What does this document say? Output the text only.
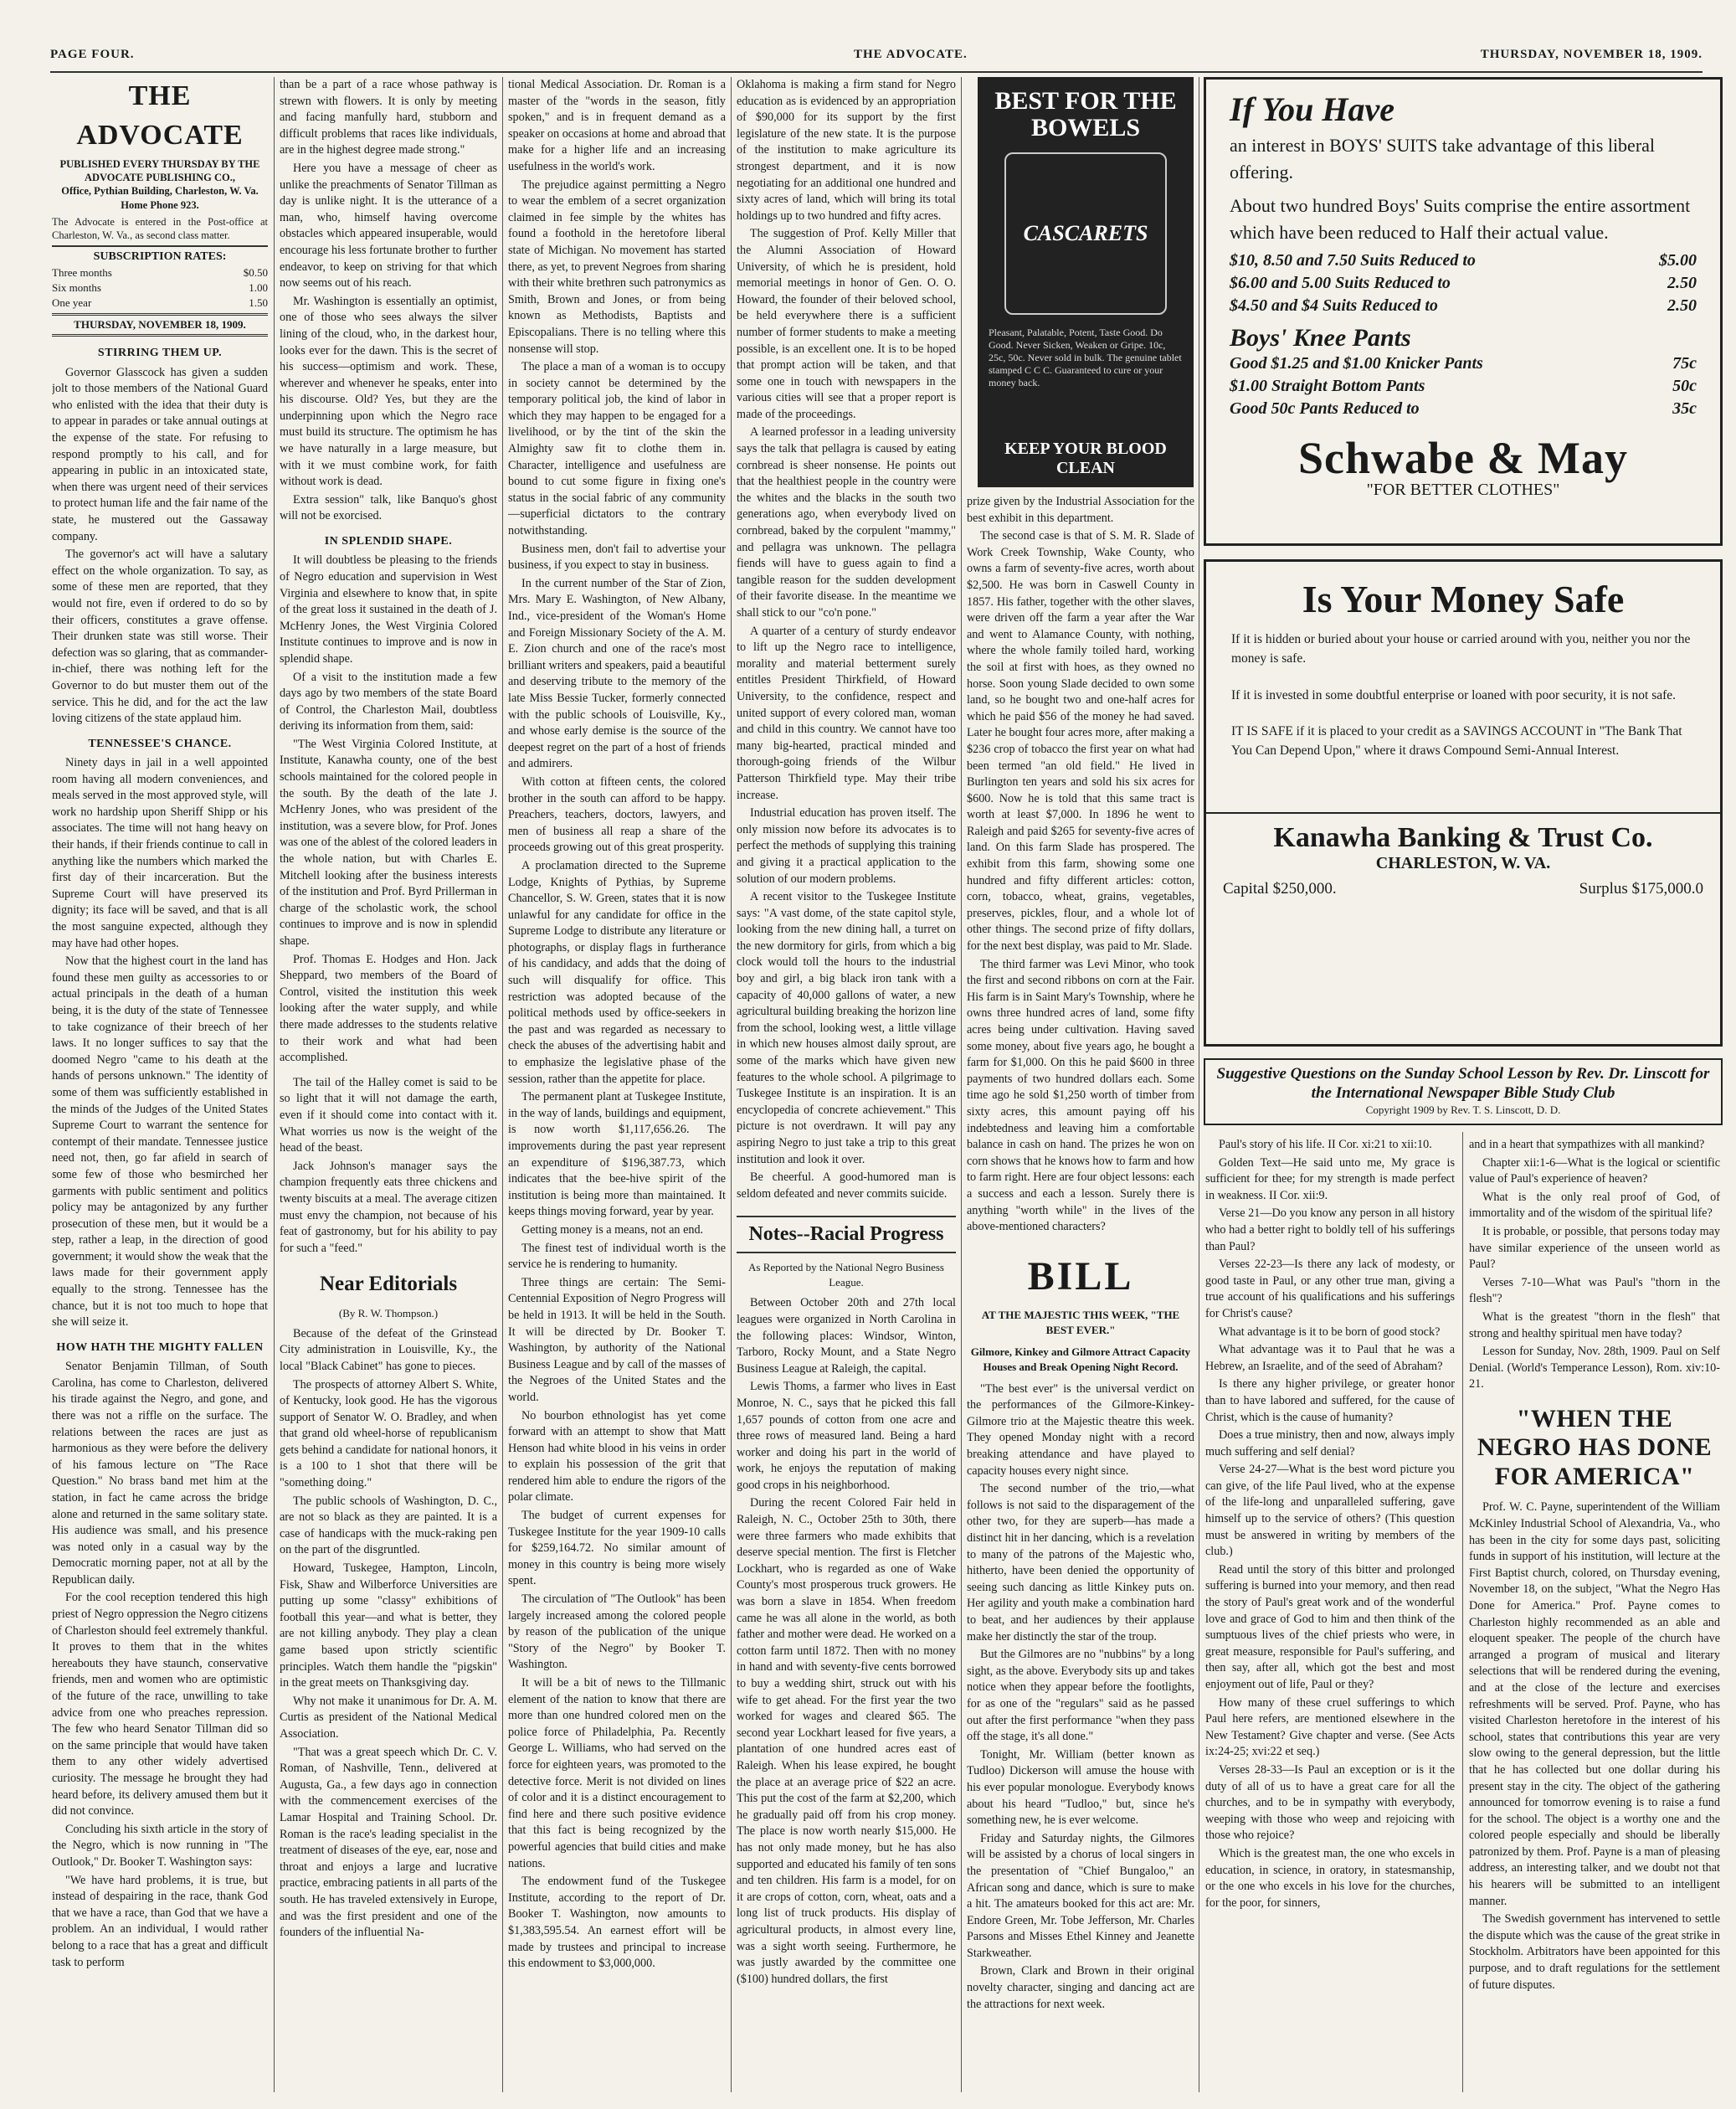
PAGE FOUR.	THE ADVOCATE.	THURSDAY, NOVEMBER 18, 1909.
THE ADVOCATE
PUBLISHED EVERY THURSDAY BY THE ADVOCATE PUBLISHING CO.,
Office, Pythian Building, Charleston, W. Va.
Home Phone 923.
The Advocate is entered in the Post-office at Charleston, W. Va., as second class matter.
SUBSCRIPTION RATES:
Three months	$0.50
Six months	1.00
One year	1.50
THURSDAY, NOVEMBER 18, 1909.
STIRRING THEM UP.

Governor Glasscock has given a sudden jolt to those members of the National Guard who enlisted with the idea that their duty is to appear in parades or take annual outings at the expense of the state. For refusing to respond promptly to his call, and for appearing in public in an intoxicated state, when there was urgent need of their services to protect human life and the fair name of the state, he mustered out the Gassaway company.

The governor's act will have a salutary effect on the whole organization. To say, as some of these men are reported, that they would not fire, even if ordered to do so by their officers, constitutes a grave offense. Their drunken state was still worse. Their defection was so glaring, that as commander-in-chief, there was nothing left for the Governor to do but muster them out of the service. This he did, and for the act the law loving citizens of the state applaud him.

TENNESSEE'S CHANCE.

Ninety days in jail in a well appointed room having all modern conveniences, and meals served in the most approved style, will work no hardship upon Sheriff Shipp or his associates. The time will not hang heavy on their hands, if their friends continue to call in anything like the numbers which marked the first day of their incarceration. But the Supreme Court will have preserved its dignity; its face will be saved, and that is all the most sanguine expected, although they may have had other hopes.

Now that the highest court in the land has found these men guilty as accessories to or actual principals in the death of a human being, it is the duty of the state of Tennessee to take cognizance of their breech of her laws. It no longer suffices to say that the doomed Negro "came to his death at the hands of persons unknown." The identity of some of them was sufficiently established in the minds of the Judges of the United States Supreme Court to warrant the sentence for contempt of their mandate. Tennessee justice need not, then, go far afield in search of some few of those who besmirched her garments with public sentiment and politics policy may be antagonized by any further prosecution of these men, but it would be a step, rather a leap, in the direction of good government; it would show the weak that the laws made for their government apply equally to the strong. Tennessee has the chance, but it is not too much to hope that she will seize it.

HOW HATH THE MIGHTY FALLEN

Senator Benjamin Tillman, of South Carolina, has come to Charleston, delivered his tirade against the Negro, and gone, and there was not a riffle on the surface. The relations between the races are just as harmonious as they were before the delivery of his famous lecture on "The Race Question." No brass band met him at the station, in fact he came across the bridge alone and returned in the same solitary state. His audience was small, and his presence was noted only in a casual way by the Democratic morning paper, not at all by the Republican daily.

For the cool reception tendered this high priest of Negro oppression the Negro citizens of Charleston should feel extremely thankful. It proves to them that in the whites hereabouts they have staunch, conservative friends, men and women who are optimistic of the future of the race, unwilling to take advice from one who preaches repression. The few who heard Senator Tillman did so on the same principle that would have taken them to any other widely advertised curiosity. The message he brought they had heard before, its delivery amused them but it did not convince.

Concluding his sixth article in the story of the Negro, which is now running in "The Outlook," Dr. Booker T. Washington says:

"We have hard problems, it is true, but instead of despairing in the race, thank God that we have a race, than God that we have a problem. An an individual, I would rather belong to a race that has a great and difficult task to perform

than be a part of a race whose pathway is strewn with flowers. It is only by meeting and facing manfully hard, stubborn and difficult problems that races like individuals, are in the highest degree made strong."

Here you have a message of cheer as unlike the preachments of Senator Tillman as day is unlike night. It is the utterance of a man, who, himself having overcome obstacles which appeared insuperable, would encourage his less fortunate brother to further endeavor, to keep on striving for that which now seems out of his reach.

Mr. Washington is essentially an optimist, one of those who sees always the silver lining of the cloud, who, in the darkest hour, looks ever for the dawn. This is the secret of his success—optimism and work. These, wherever and whenever he speaks, enter into his discourse. Old? Yes, but they are the underpinning upon which the Negro race must build its structure. The optimism he has we have naturally in a large measure, but with it we must combine work, for faith without work is dead.

Extra session" talk, like Banquo's ghost will not be exorcised.

IN SPLENDID SHAPE.

It will doubtless be pleasing to the friends of Negro education and supervision in West Virginia and elsewhere to know that, in spite of the great loss it sustained in the death of J. McHenry Jones, the West Virginia Colored Institute continues to improve and is now in splendid shape.

Of a visit to the institution made a few days ago by two members of the state Board of Control, the Charleston Mail, doubtless deriving its information from them, said:

"The West Virginia Colored Institute, at Institute, Kanawha county, one of the best schools maintained for the colored people in the south. By the death of the late J. McHenry Jones, who was president of the institution, was a severe blow, for Prof. Jones was one of the ablest of the colored leaders in the whole nation, but with Charles E. Mitchell looking after the business interests of the institution and Prof. Byrd Prillerman in charge of the scholastic work, the school continues to improve and is now in splendid shape.

Prof. Thomas E. Hodges and Hon. Jack Sheppard, two members of the Board of Control, visited the institution this week looking after the water supply, and while there made addresses to the students relative to their work and what had been accomplished.

The tail of the Halley comet is said to be so light that it will not damage the earth, even if it should come into contact with it. What worries us now is the weight of the head of the beast.

Jack Johnson's manager says the champion frequently eats three chickens and twenty biscuits at a meal. The average citizen must envy the champion, not because of his feat of gastronomy, but for his ability to pay for such a "feed."

Near Editorials
(By R. W. Thompson.)

Because of the defeat of the Grinstead City administration in Louisville, Ky., the local "Black Cabinet" has gone to pieces.

The prospects of attorney Albert S. White, of Kentucky, look good. He has the vigorous support of Senator W. O. Bradley, and when that grand old wheel-horse of republicanism gets behind a candidate for national honors, it is a 100 to 1 shot that there will be "something doing."

The public schools of Washington, D. C., are not so black as they are painted. It is a case of handicaps with the muck-raking pen on the part of the disgruntled.

Howard, Tuskegee, Hampton, Lincoln, Fisk, Shaw and Wilberforce Universities are putting up some "classy" exhibitions of football this year—and what is better, they are not killing anybody. They play a clean game based upon strictly scientific principles. Watch them handle the "pigskin" in the great meets on Thanksgiving day.

Why not make it unanimous for Dr. A. M. Curtis as president of the National Medical Association.

"That was a great speech which Dr. C. V. Roman, of Nashville, Tenn., delivered at Augusta, Ga., a few days ago in connection with the commencement exercises of the Lamar Hospital and Training School. Dr. Roman is the race's leading specialist in the treatment of diseases of the eye, ear, nose and throat and enjoys a large and lucrative practice, embracing patients in all parts of the south. He has traveled extensively in Europe, and was the first president and one of the founders of the influential Na-

tional Medical Association. Dr. Roman is a master of the "words in the season, fitly spoken," and is in frequent demand as a speaker on occasions at home and abroad that make for a higher life and an increasing usefulness in the world's work.

The prejudice against permitting a Negro to wear the emblem of a secret organization claimed in fee simple by the whites has found a foothold in the heretofore liberal state of Michigan. No movement has started there, as yet, to prevent Negroes from sharing with their white brethren such patronymics as Smith, Brown and Jones, or from being known as Methodists, Baptists and Episcopalians. There is no telling where this nonsense will stop.

The place a man of a woman is to occupy in society cannot be determined by the temporary political job, the kind of labor in which they may happen to be engaged for a livelihood, or by the tint of the skin the Almighty saw fit to clothe them in. Character, intelligence and usefulness are bound to cut some figure in fixing one's status in the social fabric of any community—superficial dictators to the contrary notwithstanding.

Business men, don't fail to advertise your business, if you expect to stay in business.

In the current number of the Star of Zion, Mrs. Mary E. Washington, of New Albany, Ind., vice-president of the Woman's Home and Foreign Missionary Society of the A. M. E. Zion church and one of the race's most brilliant writers and speakers, paid a beautiful and deserving tribute to the memory of the late Miss Bessie Tucker, formerly connected with the public schools of Louisville, Ky., and whose early demise is the source of the deepest regret on the part of a host of friends and admirers.

With cotton at fifteen cents, the colored brother in the south can afford to be happy. Preachers, teachers, doctors, lawyers, and men of business all reap a share of the proceeds growing out of this great prosperity.

A proclamation directed to the Supreme Lodge, Knights of Pythias, by Supreme Chancellor, S. W. Green, states that it is now unlawful for any candidate for office in the Supreme Lodge to distribute any literature or photographs, or display flags in furtherance of his candidacy, and adds that the doing of such will disqualify for office. This restriction was adopted because of the political methods used by office-seekers in the past and was regarded as necessary to check the abuses of the advertising habit and to emphasize the legislative phase of the session, rather than the appetite for place.

The permanent plant at Tuskegee Institute, in the way of lands, buildings and equipment, is now worth $1,117,656.26. The improvements during the past year represent an expenditure of $196,387.73, which indicates that the bee-hive spirit of the institution is being more than maintained. It keeps things moving forward, year by year.

Getting money is a means, not an end.

The finest test of individual worth is the service he is rendering to humanity.

Three things are certain: The Semi-Centennial Exposition of Negro Progress will be held in 1913. It will be held in the South. It will be directed by Dr. Booker T. Washington, by authority of the National Business League and by call of the masses of the Negroes of the United States and the world.

No bourbon ethnologist has yet come forward with an attempt to show that Matt Henson had white blood in his veins in order to explain his possession of the grit that rendered him able to endure the rigors of the polar climate.

The budget of current expenses for Tuskegee Institute for the year 1909-10 calls for $259,164.72. No similar amount of money in this country is being more wisely spent.

The circulation of "The Outlook" has been largely increased among the colored people by reason of the publication of the unique "Story of the Negro" by Booker T. Washington.

It will be a bit of news to the Tillmanic element of the nation to know that there are more than one hundred colored men on the police force of Philadelphia, Pa. Recently George L. Williams, who had served on the force for eighteen years, was promoted to the detective force. Merit is not divided on lines of color and it is a distinct encouragement to find here and there such positive evidence that this fact is being recognized by the powerful agencies that build cities and make nations.

The endowment fund of the Tuskegee Institute, according to the report of Dr. Booker T. Washington, now amounts to $1,383,595.54. An earnest effort will be made by trustees and principal to increase this endowment to $3,000,000.

Oklahoma is making a firm stand for Negro education as is evidenced by an appropriation of $90,000 for its support by the first legislature of the new state. It is the purpose of the institution to make agriculture its strongest department, and it is now negotiating for an additional one hundred and sixty acres of land, which will bring its total holdings up to two hundred and fifty acres.

The suggestion of Prof. Kelly Miller that the Alumni Association of Howard University, of which he is president, hold memorial meetings in honor of Gen. O. O. Howard, the founder of their beloved school, be held everywhere there is a sufficient number of former students to make a meeting possible, is an excellent one. It is to be hoped that prompt action will be taken, and that some one in touch with newspapers in the various cities will see that a proper report is made of the proceedings.

A learned professor in a leading university says the talk that pellagra is caused by eating cornbread is sheer nonsense. He points out that the healthiest people in the country were the whites and the blacks in the south two generations ago, when everybody lived on cornbread, baked by the corpulent "mammy," and pellagra was unknown. The pellagra fiends will have to guess again to find a tangible reason for the sudden development of their favorite disease. In the meantime we shall stick to our "co'n pone."

A quarter of a century of sturdy endeavor to lift up the Negro race to intelligence, morality and material betterment surely entitles President Thirkfield, of Howard University, to the confidence, respect and united support of every colored man, woman and child in this country. We cannot have too many big-hearted, practical minded and thorough-going friends of the Wilbur Patterson Thirkfield type. May their tribe increase.

Industrial education has proven itself. The only mission now before its advocates is to perfect the methods of supplying this training and giving it a practical application to the solution of our modern problems.

A recent visitor to the Tuskegee Institute says: "A vast dome, of the state capitol style, looking from the new dining hall, a turret on the new dormitory for girls, from which a big clock would toll the hours to the industrial boy and girl, a big black iron tank with a capacity of 40,000 gallons of water, a new agricultural building breaking the horizon line from the school, looking west, a little village in which new houses almost daily sprout, are some of the marks which have given new features to the whole school. A pilgrimage to Tuskegee Institute is an inspiration. It is an encyclopedia of concrete achievement." This picture is not overdrawn. It will pay any aspiring Negro to just take a trip to this great institution and look it over.

Be cheerful. A good-humored man is seldom defeated and never commits suicide.

Notes--Racial Progress
As Reported by the National Negro Business League.

Between October 20th and 27th local leagues were organized in North Carolina in the following places: Windsor, Winton, Tarboro, Rocky Mount, and a State Negro Business League at Raleigh, the capital.

Lewis Thoms, a farmer who lives in East Monroe, N. C., says that he picked this fall 1,657 pounds of cotton from one acre and three rows of measured land. Being a hard worker and doing his part in the world of work, he enjoys the reputation of making good crops in his neighborhood.

During the recent Colored Fair held in Raleigh, N. C., October 25th to 30th, there were three farmers who made exhibits that deserve special mention. The first is Fletcher Lockhart, who is regarded as one of Wake County's most prosperous truck growers. He was born a slave in 1854. When freedom came he was all alone in the world, as both father and mother were dead. He worked on a cotton farm until 1872. Then with no money in hand and with seventy-five cents borrowed to buy a wedding shirt, struck out with his wife to get ahead. For the first year the two worked for wages and cleared $65. The second year Lockhart leased for five years, a plantation of one hundred acres east of Raleigh. When his lease expired, he bought the place at an average price of $22 an acre. This put the cost of the farm at $2,200, which he gradually paid off from his crop money. The place is now worth nearly $15,000. He has not only made money, but he has also supported and educated his family of ten sons and ten children. His farm is a model, for on it are crops of cotton, corn, wheat, oats and a long list of truck products. His display of agricultural products, in almost every line, was a sight worth seeing. Furthermore, he was justly awarded by the committee one ($100) hundred dollars, the first

BEST FOR THE BOWELS
CASCARETS
Pleasant, Palatable, Potent, Taste Good. Do Good. Never Sicken, Weaken or Gripe. 10c, 25c, 50c. Never sold in bulk. The genuine tablet stamped C C C. Guaranteed to cure or your money back.
KEEP YOUR BLOOD CLEAN

prize given by the Industrial Association for the best exhibit in this department.

The second case is that of S. M. R. Slade of Work Creek Township, Wake County, who owns a farm of seventy-five acres, worth about $2,500. He was born in Caswell County in 1857. His father, together with the other slaves, were driven off the farm a year after the War and went to Alamance County, with nothing, where the whole family toiled hard, working the soil at first with hoes, as they owned no horse. Soon young Slade decided to own some land, so he bought two and one-half acres for which he paid $56 of the money he had saved. Later he bought four acres more, after making a $236 crop of tobacco the first year on what had been termed "an old field." He lived in Burlington ten years and sold his six acres for $600. Now he is told that this same tract is worth at least $7,000. In 1896 he went to Raleigh and paid $265 for seventy-five acres of land. On this farm Slade has prospered. The exhibit from this farm, showing some one hundred and fifty different articles: cotton, corn, tobacco, wheat, grains, vegetables, preserves, pickles, flour, and a whole lot of other things. The second prize of fifty dollars, for the next best display, was paid to Mr. Slade.

The third farmer was Levi Minor, who took the first and second ribbons on corn at the Fair. His farm is in Saint Mary's Township, where he owns three hundred acres of land, some fifty acres being under cultivation. Having saved some money, about five years ago, he bought a farm for $1,000. On this he paid $600 in three payments of two hundred dollars each. Some time ago he sold $1,250 worth of timber from sixty acres, this amount paying off his indebtedness and leaving him a comfortable balance in cash on hand. The prizes he won on corn shows that he knows how to farm and how to farm right. Here are four object lessons: each a success and each a lesson. Surely there is anything "worth while" in the lives of the above-mentioned characters?

BILL
AT THE MAJESTIC THIS WEEK, "THE BEST EVER."
Gilmore, Kinkey and Gilmore Attract Capacity Houses and Break Opening Night Record.

"The best ever" is the universal verdict on the performances of the Gilmore-Kinkey-Gilmore trio at the Majestic theatre this week. They opened Monday night with a record breaking attendance and have played to capacity houses every night since.

The second number of the trio,—what follows is not said to the disparagement of the other two, for they are superb—has made a distinct hit in her dancing, which is a revelation to many of the patrons of the Majestic who, hitherto, have been denied the opportunity of seeing such dancing as little Kinkey puts on. Her agility and youth make a combination hard to beat, and her audiences by their applause make her distinctly the star of the troup.

But the Gilmores are no "nubbins" by a long sight, as the above. Everybody sits up and takes notice when they appear before the footlights, for as one of the "regulars" said as he passed out after the first performance "when they pass off the stage, it's all done."

Tonight, Mr. William (better known as Tudloo) Dickerson will amuse the house with his ever popular monologue. Everybody knows about his heard "Tudloo," but, since he's something new, he is ever welcome.

Friday and Saturday nights, the Gilmores will be assisted by a chorus of local singers in the presentation of "Chief Bungaloo," an African song and dance, which is sure to make a hit. The amateurs booked for this act are: Mr. Endore Green, Mr. Tobe Jefferson, Mr. Charles Parsons and Misses Ethel Kinney and Jeanette Starkweather.

Brown, Clark and Brown in their original novelty character, singing and dancing act are the attractions for next week.

If You Have
an interest in BOYS' SUITS take advantage of this liberal offering.
About two hundred Boys' Suits comprise the entire assortment which have been reduced to Half their actual value.
$10, 8.50 and 7.50 Suits Reduced to	$5.00
$6.00 and 5.00 Suits Reduced to	2.50
$4.50 and $4 Suits Reduced to	2.50
Boys' Knee Pants
Good $1.25 and $1.00 Knicker Pants	75c
$1.00 Straight Bottom Pants	50c
Good 50c Pants Reduced to	35c
Schwabe & May
"FOR BETTER CLOTHES"
Is Your Money Safe
If it is hidden or buried about your house or carried around with you, neither you nor the money is safe.
If it is invested in some doubtful enterprise or loaned with poor security, it is not safe.
IT IS SAFE if it is placed to your credit as a SAVINGS ACCOUNT in "The Bank That You Can Depend Upon," where it draws Compound Semi-Annual Interest.
Kanawha Banking & Trust Co.
CHARLESTON, W. VA.
Capital $250,000.	Surplus $175,000.0
Suggestive Questions on the Sunday School Lesson by Rev. Dr. Linscott for the International Newspaper Bible Study Club
Copyright 1909 by Rev. T. S. Linscott, D. D.

Paul's story of his life. II Cor. xi:21 to xii:10.

Golden Text—He said unto me, My grace is sufficient for thee; for my strength is made perfect in weakness. II Cor. xii:9.

Verse 21—Do you know any person in all history who had a better right to boldly tell of his sufferings than Paul?

Verses 22-23—Is there any lack of modesty, or good taste in Paul, or any other true man, giving a true account of his qualifications and his sufferings for Christ's cause?

What advantage is it to be born of good stock?

What advantage was it to Paul that he was a Hebrew, an Israelite, and of the seed of Abraham?

Is there any higher privilege, or greater honor than to have labored and suffered, for the cause of Christ, which is the cause of humanity?

Does a true ministry, then and now, always imply much suffering and self denial?

Verse 24-27—What is the best word picture you can give, of the life Paul lived, who at the expense of the life-long and unparalleled suffering, gave himself up to the service of others? (This question must be answered in writing by members of the club.)

Read until the story of this bitter and prolonged suffering is burned into your memory, and then read the story of Paul's great work and of the wonderful love and grace of God to him and then think of the sumptuous lives of the chief priests who were, in great measure, responsible for Paul's suffering, and then say, after all, which got the best and most enjoyment out of life, Paul or they?

How many of these cruel sufferings to which Paul here refers, are mentioned elsewhere in the New Testament? Give chapter and verse. (See Acts ix:24-25; xvi:22 et seq.)

Verses 28-33—Is Paul an exception or is it the duty of all of us to have a great care for all the churches, and to be in sympathy with everybody, weeping with those who weep and rejoicing with those who rejoice?

Which is the greatest man, the one who excels in education, in science, in oratory, in statesmanship, or the one who excels in his love for the churches, for the poor, for sinners,

and in a heart that sympathizes with all mankind?

Chapter xii:1-6—What is the logical or scientific value of Paul's experience of heaven?

What is the only real proof of God, of immortality and of the wisdom of the spiritual life?

It is probable, or possible, that persons today may have similar experience of the unseen world as Paul?

Verses 7-10—What was Paul's "thorn in the flesh"?

What is the greatest "thorn in the flesh" that strong and healthy spiritual men have today?

Lesson for Sunday, Nov. 28th, 1909. Paul on Self Denial. (World's Temperance Lesson), Rom. xiv:10-21.

"WHEN THE NEGRO HAS DONE FOR AMERICA"

Prof. W. C. Payne, superintendent of the William McKinley Industrial School of Alexandria, Va., who has been in the city for some days past, soliciting funds in support of his institution, will lecture at the First Baptist church, colored, on Thursday evening, November 18, on the subject, "What the Negro Has Done for America." Prof. Payne comes to Charleston highly recommended as an able and eloquent speaker. The people of the church have arranged a program of musical and literary selections that will be rendered during the evening, and at the close of the lecture and exercises refreshments will be served. Prof. Payne, who has visited Charleston heretofore in the interest of his school, states that contributions this year are very slow owing to the general depression, but the little that he has collected but one dollar during his present stay in the city. The object of the gathering announced for tomorrow evening is to raise a fund for the school. The object is a worthy one and the colored people especially and should be liberally patronized by them. Prof. Payne is a man of pleasing address, an interesting talker, and we doubt not that his hearers will be submitted to an intelligent manner.

The Swedish government has intervened to settle the dispute which was the cause of the great strike in Stockholm. Arbitrators have been appointed for this purpose, and to draft regulations for the settlement of future disputes.
